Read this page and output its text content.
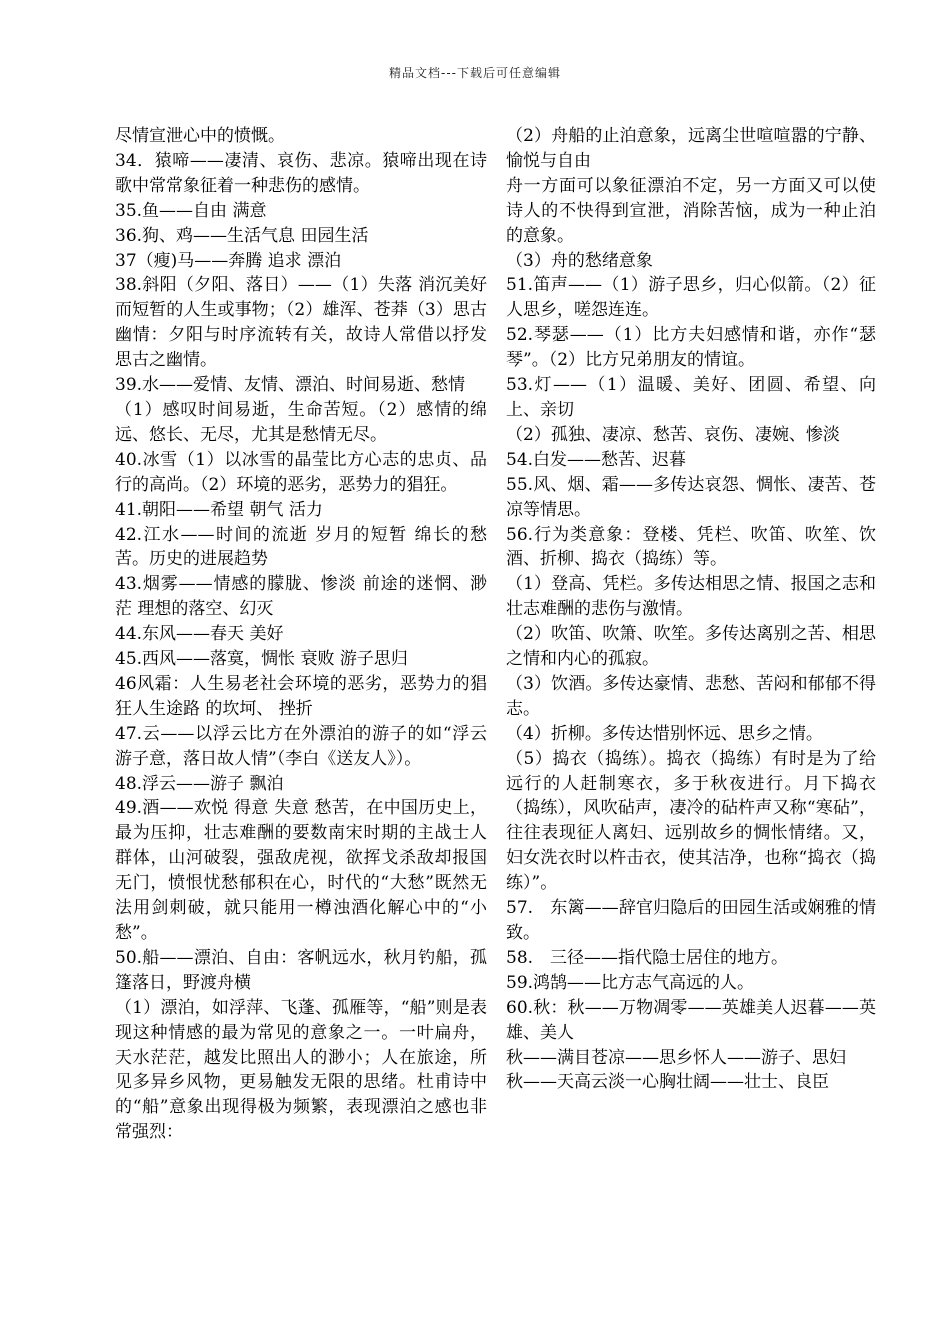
精品文档---下载后可任意编辑

尽情宣泄心中的愤慨。

34．猿啼——凄清、哀伤、悲凉。猿啼出现在诗歌中常常象征着一种悲伤的感情。

35.鱼——自由 满意

36.狗、鸡——生活气息 田园生活

37（瘦)马——奔腾 追求 漂泊

38.斜阳（夕阳、落日）——（1）失落 消沉美好而短暂的人生或事物；（2）雄浑、苍莽（3）思古幽情：夕阳与时序流转有关，故诗人常借以抒发思古之幽情。

39.水——爱情、友情、漂泊、时间易逝、愁情

（1）感叹时间易逝，生命苦短。（2）感情的绵远、悠长、无尽，尤其是愁情无尽。

40.冰雪（1）以冰雪的晶莹比方心志的忠贞、品行的高尚。（2）环境的恶劣，恶势力的猖狂。

41.朝阳——希望 朝气 活力

42.江水——时间的流逝 岁月的短暂 绵长的愁苦。历史的进展趋势

43.烟雾——情感的朦胧、惨淡 前途的迷惘、渺茫 理想的落空、幻灭

44.东风——春天 美好

45.西风——落寞，惆怅 衰败 游子思归

46风霜：人生易老社会环境的恶劣，恶势力的猖狂人生途路 的坎坷、 挫折

47.云——以浮云比方在外漂泊的游子的如“浮云游子意，落日故人情”（李白《送友人》）。

48.浮云——游子 飘泊

49.酒——欢悦 得意 失意 愁苦，在中国历史上，最为压抑，壮志难酬的要数南宋时期的主战士人群体，山河破裂，强敌虎视，欲挥戈杀敌却报国无门，愤恨忧愁郁积在心，时代的“大愁”既然无法用剑刺破，就只能用一樽浊酒化解心中的“小愁”。

50.船——漂泊、自由：客帆远水，秋月钓船，孤篷落日，野渡舟横

（1）漂泊，如浮萍、飞蓬、孤雁等，“船”则是表现这种情感的最为常见的意象之一。一叶扁舟，天水茫茫，越发比照出人的渺小；人在旅途，所见多异乡风物，更易触发无限的思绪。杜甫诗中的“船”意象出现得极为频繁，表现漂泊之感也非常强烈：

（2）舟船的止泊意象，远离尘世喧喧嚣的宁静、愉悦与自由

舟一方面可以象征漂泊不定，另一方面又可以使诗人的不快得到宣泄，消除苦恼，成为一种止泊的意象。

（3）舟的愁绪意象

51.笛声——（1）游子思乡，归心似箭。（2）征人思乡，嗟怨连连。

52.琴瑟——（1）比方夫妇感情和谐，亦作“瑟琴”。（2）比方兄弟朋友的情谊。

53.灯——（1）温暖、美好、团圆、希望、向上、亲切

（2）孤独、凄凉、愁苦、哀伤、凄婉、惨淡

54.白发——愁苦、迟暮

55.风、烟、霜——多传达哀怨、惆怅、凄苦、苍凉等情思。

56.行为类意象：登楼、凭栏、吹笛、吹笙、饮酒、折柳、捣衣（捣练）等。

（1）登高、凭栏。多传达相思之情、报国之志和壮志难酬的悲伤与激情。

（2）吹笛、吹箫、吹笙。多传达离别之苦、相思之情和内心的孤寂。

（3）饮酒。多传达豪情、悲愁、苦闷和郁郁不得志。

（4）折柳。多传达惜别怀远、思乡之情。

（5）捣衣（捣练）。捣衣（捣练）有时是为了给远行的人赶制寒衣，多于秋夜进行。月下捣衣（捣练），风吹砧声，凄冷的砧杵声又称“寒砧”，往往表现征人离妇、远别故乡的惆怅情绪。又，妇女洗衣时以杵击衣，使其洁净，也称“捣衣（捣练）”。

57.　东篱——辞官归隐后的田园生活或娴雅的情致。

58.　三径——指代隐士居住的地方。

59.鸿鹄——比方志气高远的人。

60.秋：秋——万物凋零——英雄美人迟暮——英雄、美人

秋——满目苍凉——思乡怀人——游子、思妇

秋——天高云淡一心胸壮阔——壮士、良臣
